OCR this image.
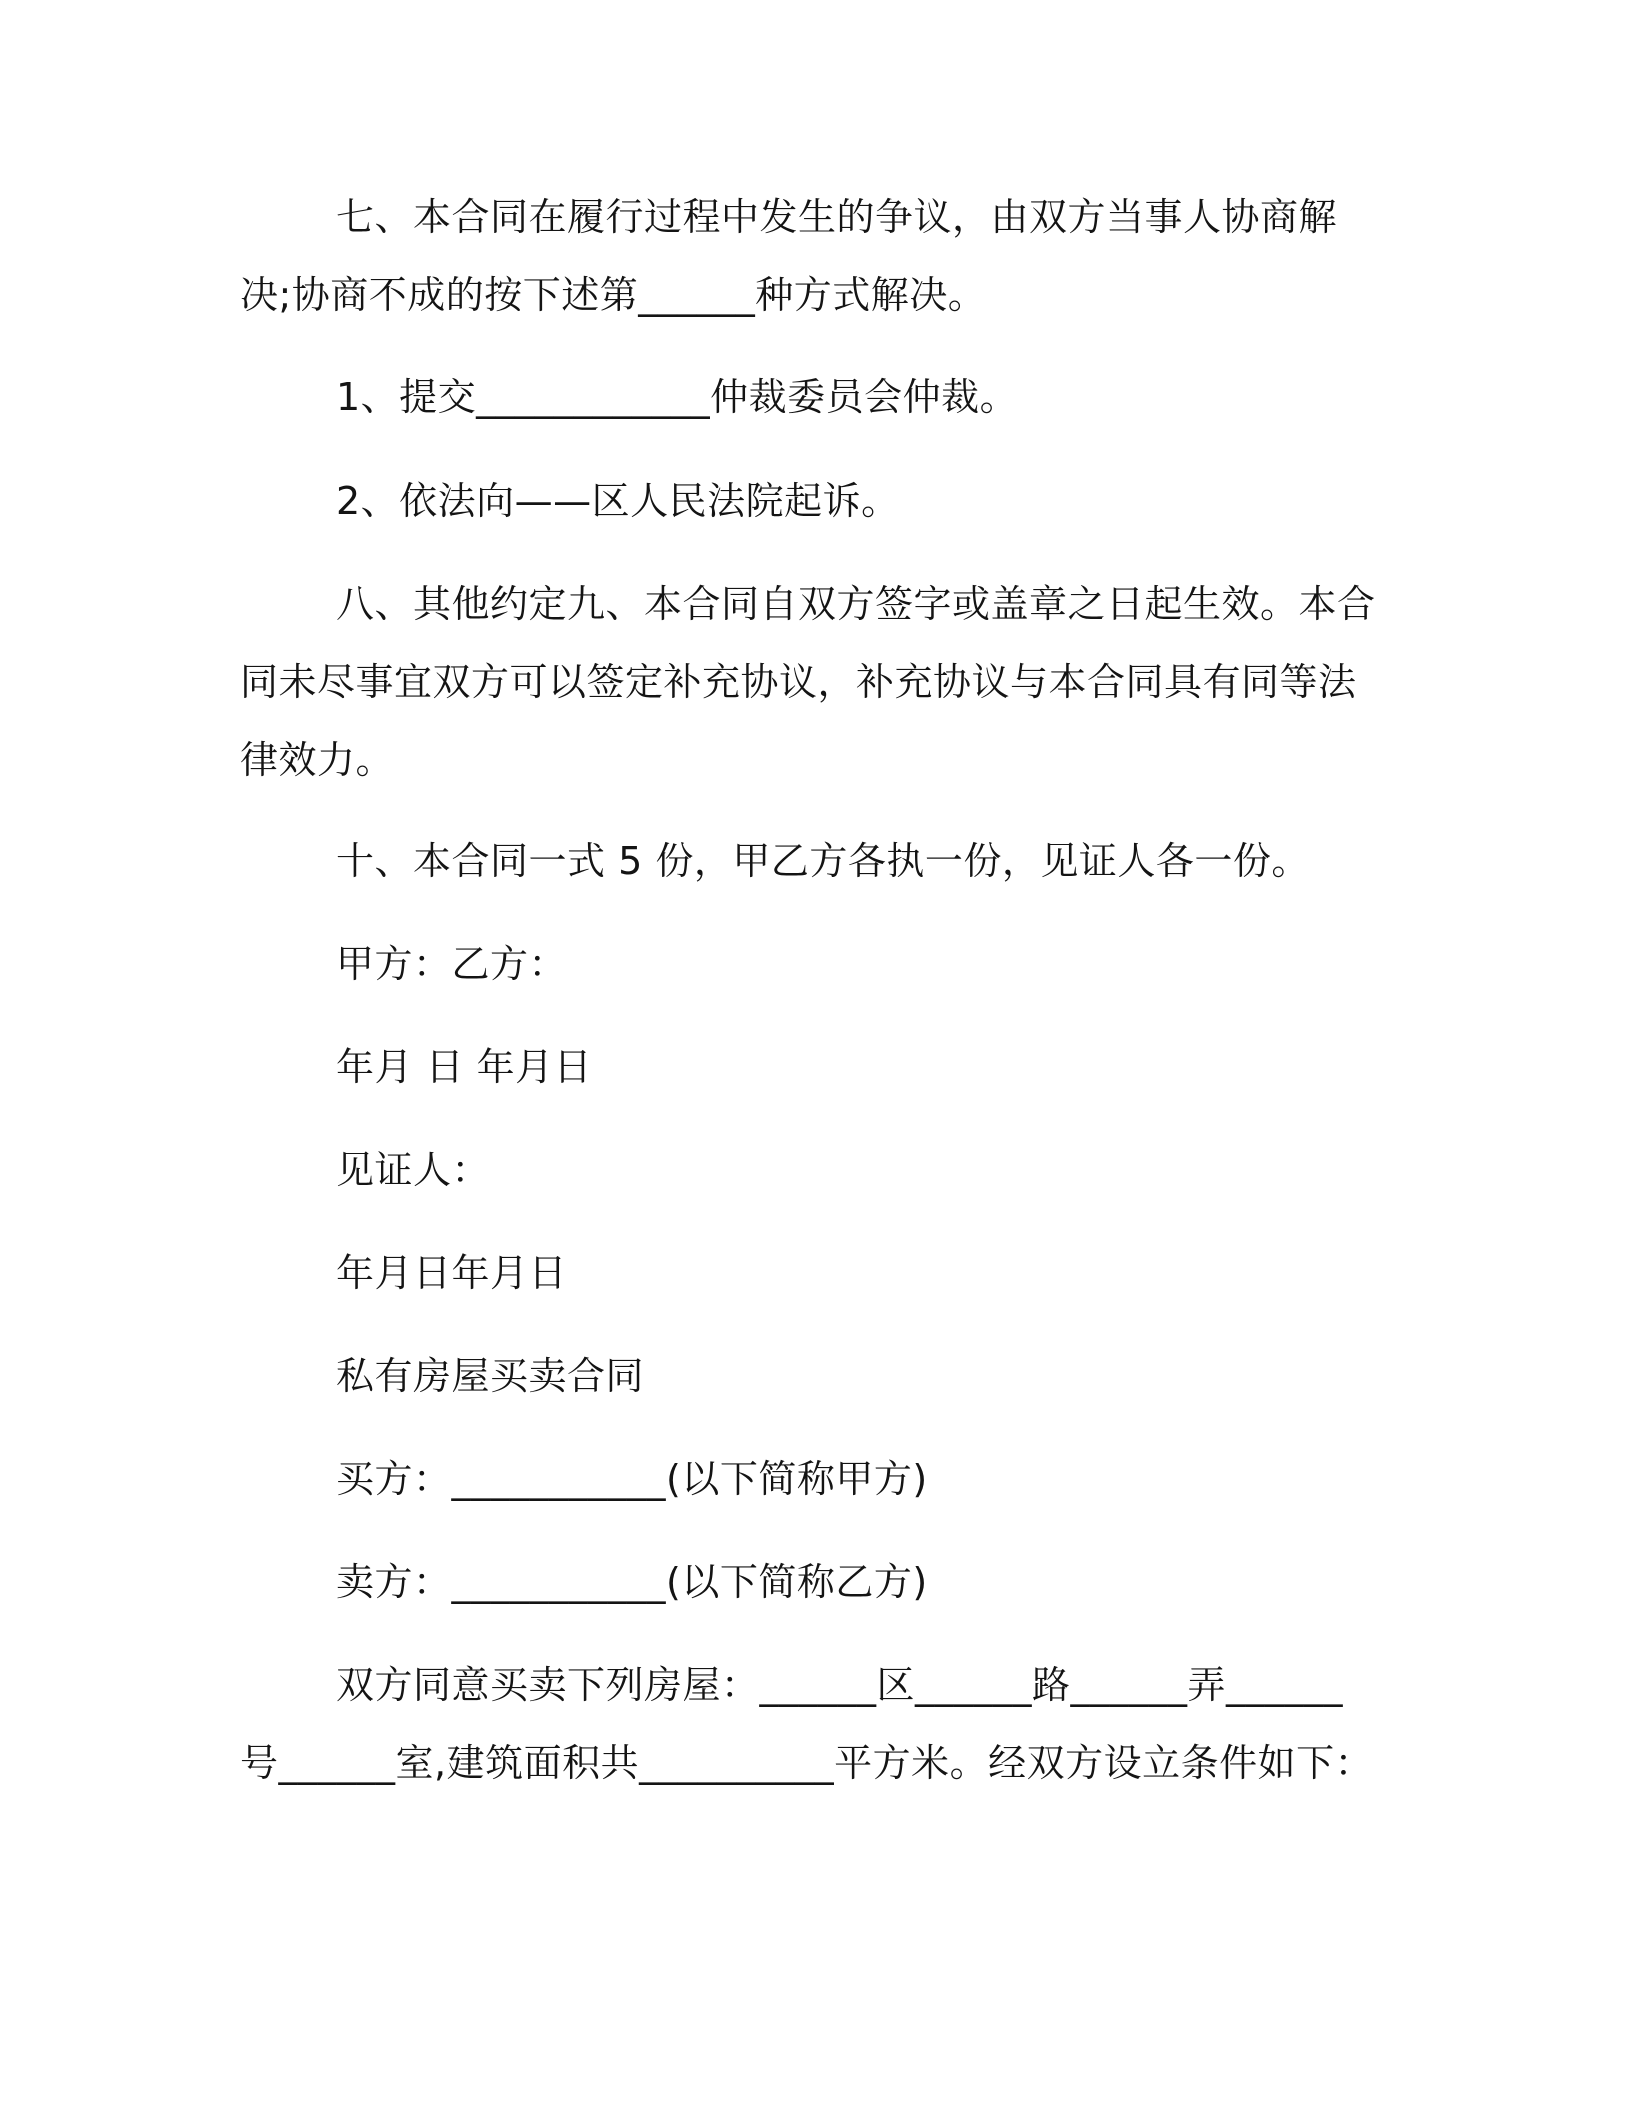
七、本合同在履行过程中发生的争议，由双方当事人协商解决;协商不成的按下述第______种方式解决。

1、提交____________仲裁委员会仲裁。

2、依法向——区人民法院起诉。

八、其他约定九、本合同自双方签字或盖章之日起生效。本合同未尽事宜双方可以签定补充协议，补充协议与本合同具有同等法律效力。

十、本合同一式 5 份，甲乙方各执一份，见证人各一份。

甲方：乙方：

年月 日 年月日

见证人：

年月日年月日

私有房屋买卖合同

买方：___________(以下简称甲方)

卖方：___________(以下简称乙方)

双方同意买卖下列房屋：______区______路______弄______号______室,建筑面积共__________平方米。经双方设立条件如下：
